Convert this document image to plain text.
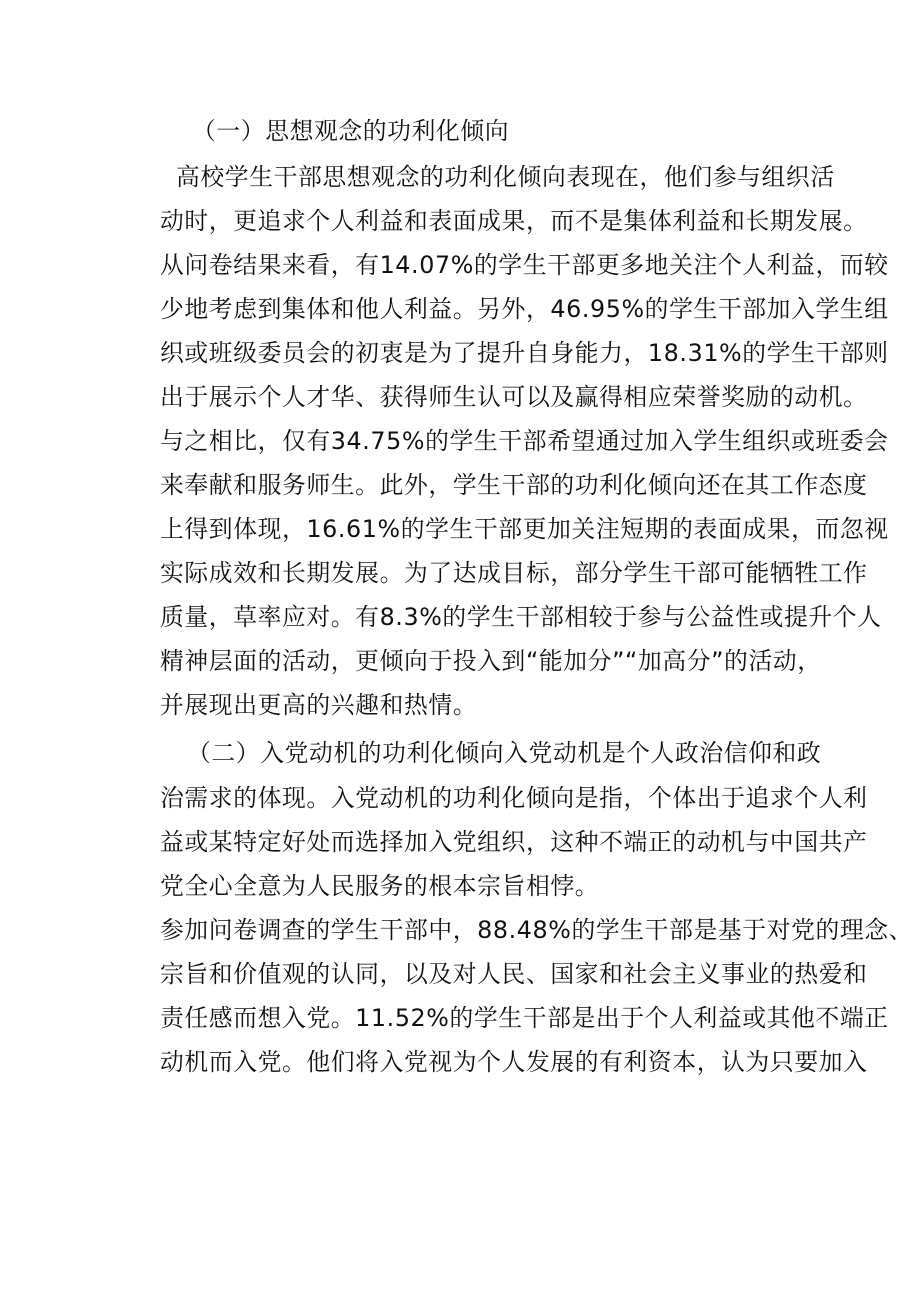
（一）思想观念的功利化倾向
高校学生干部思想观念的功利化倾向表现在，他们参与组织活
动时，更追求个人利益和表面成果，而不是集体利益和长期发展。
从问卷结果来看，有14.07%的学生干部更多地关注个人利益，而较
少地考虑到集体和他人利益。另外，46.95%的学生干部加入学生组
织或班级委员会的初衷是为了提升自身能力，18.31%的学生干部则
出于展示个人才华、获得师生认可以及赢得相应荣誉奖励的动机。
与之相比，仅有34.75%的学生干部希望通过加入学生组织或班委会
来奉献和服务师生。此外，学生干部的功利化倾向还在其工作态度
上得到体现，16.61%的学生干部更加关注短期的表面成果，而忽视
实际成效和长期发展。为了达成目标，部分学生干部可能牺牲工作
质量，草率应对。有8.3%的学生干部相较于参与公益性或提升个人
精神层面的活动，更倾向于投入到“能加分”“加高分”的活动，
并展现出更高的兴趣和热情。
（二）入党动机的功利化倾向入党动机是个人政治信仰和政
治需求的体现。入党动机的功利化倾向是指，个体出于追求个人利
益或某特定好处而选择加入党组织，这种不端正的动机与中国共产
党全心全意为人民服务的根本宗旨相悖。
参加问卷调查的学生干部中，88.48%的学生干部是基于对党的理念、
宗旨和价值观的认同，以及对人民、国家和社会主义事业的热爱和
责任感而想入党。11.52%的学生干部是出于个人利益或其他不端正
动机而入党。他们将入党视为个人发展的有利资本，认为只要加入
